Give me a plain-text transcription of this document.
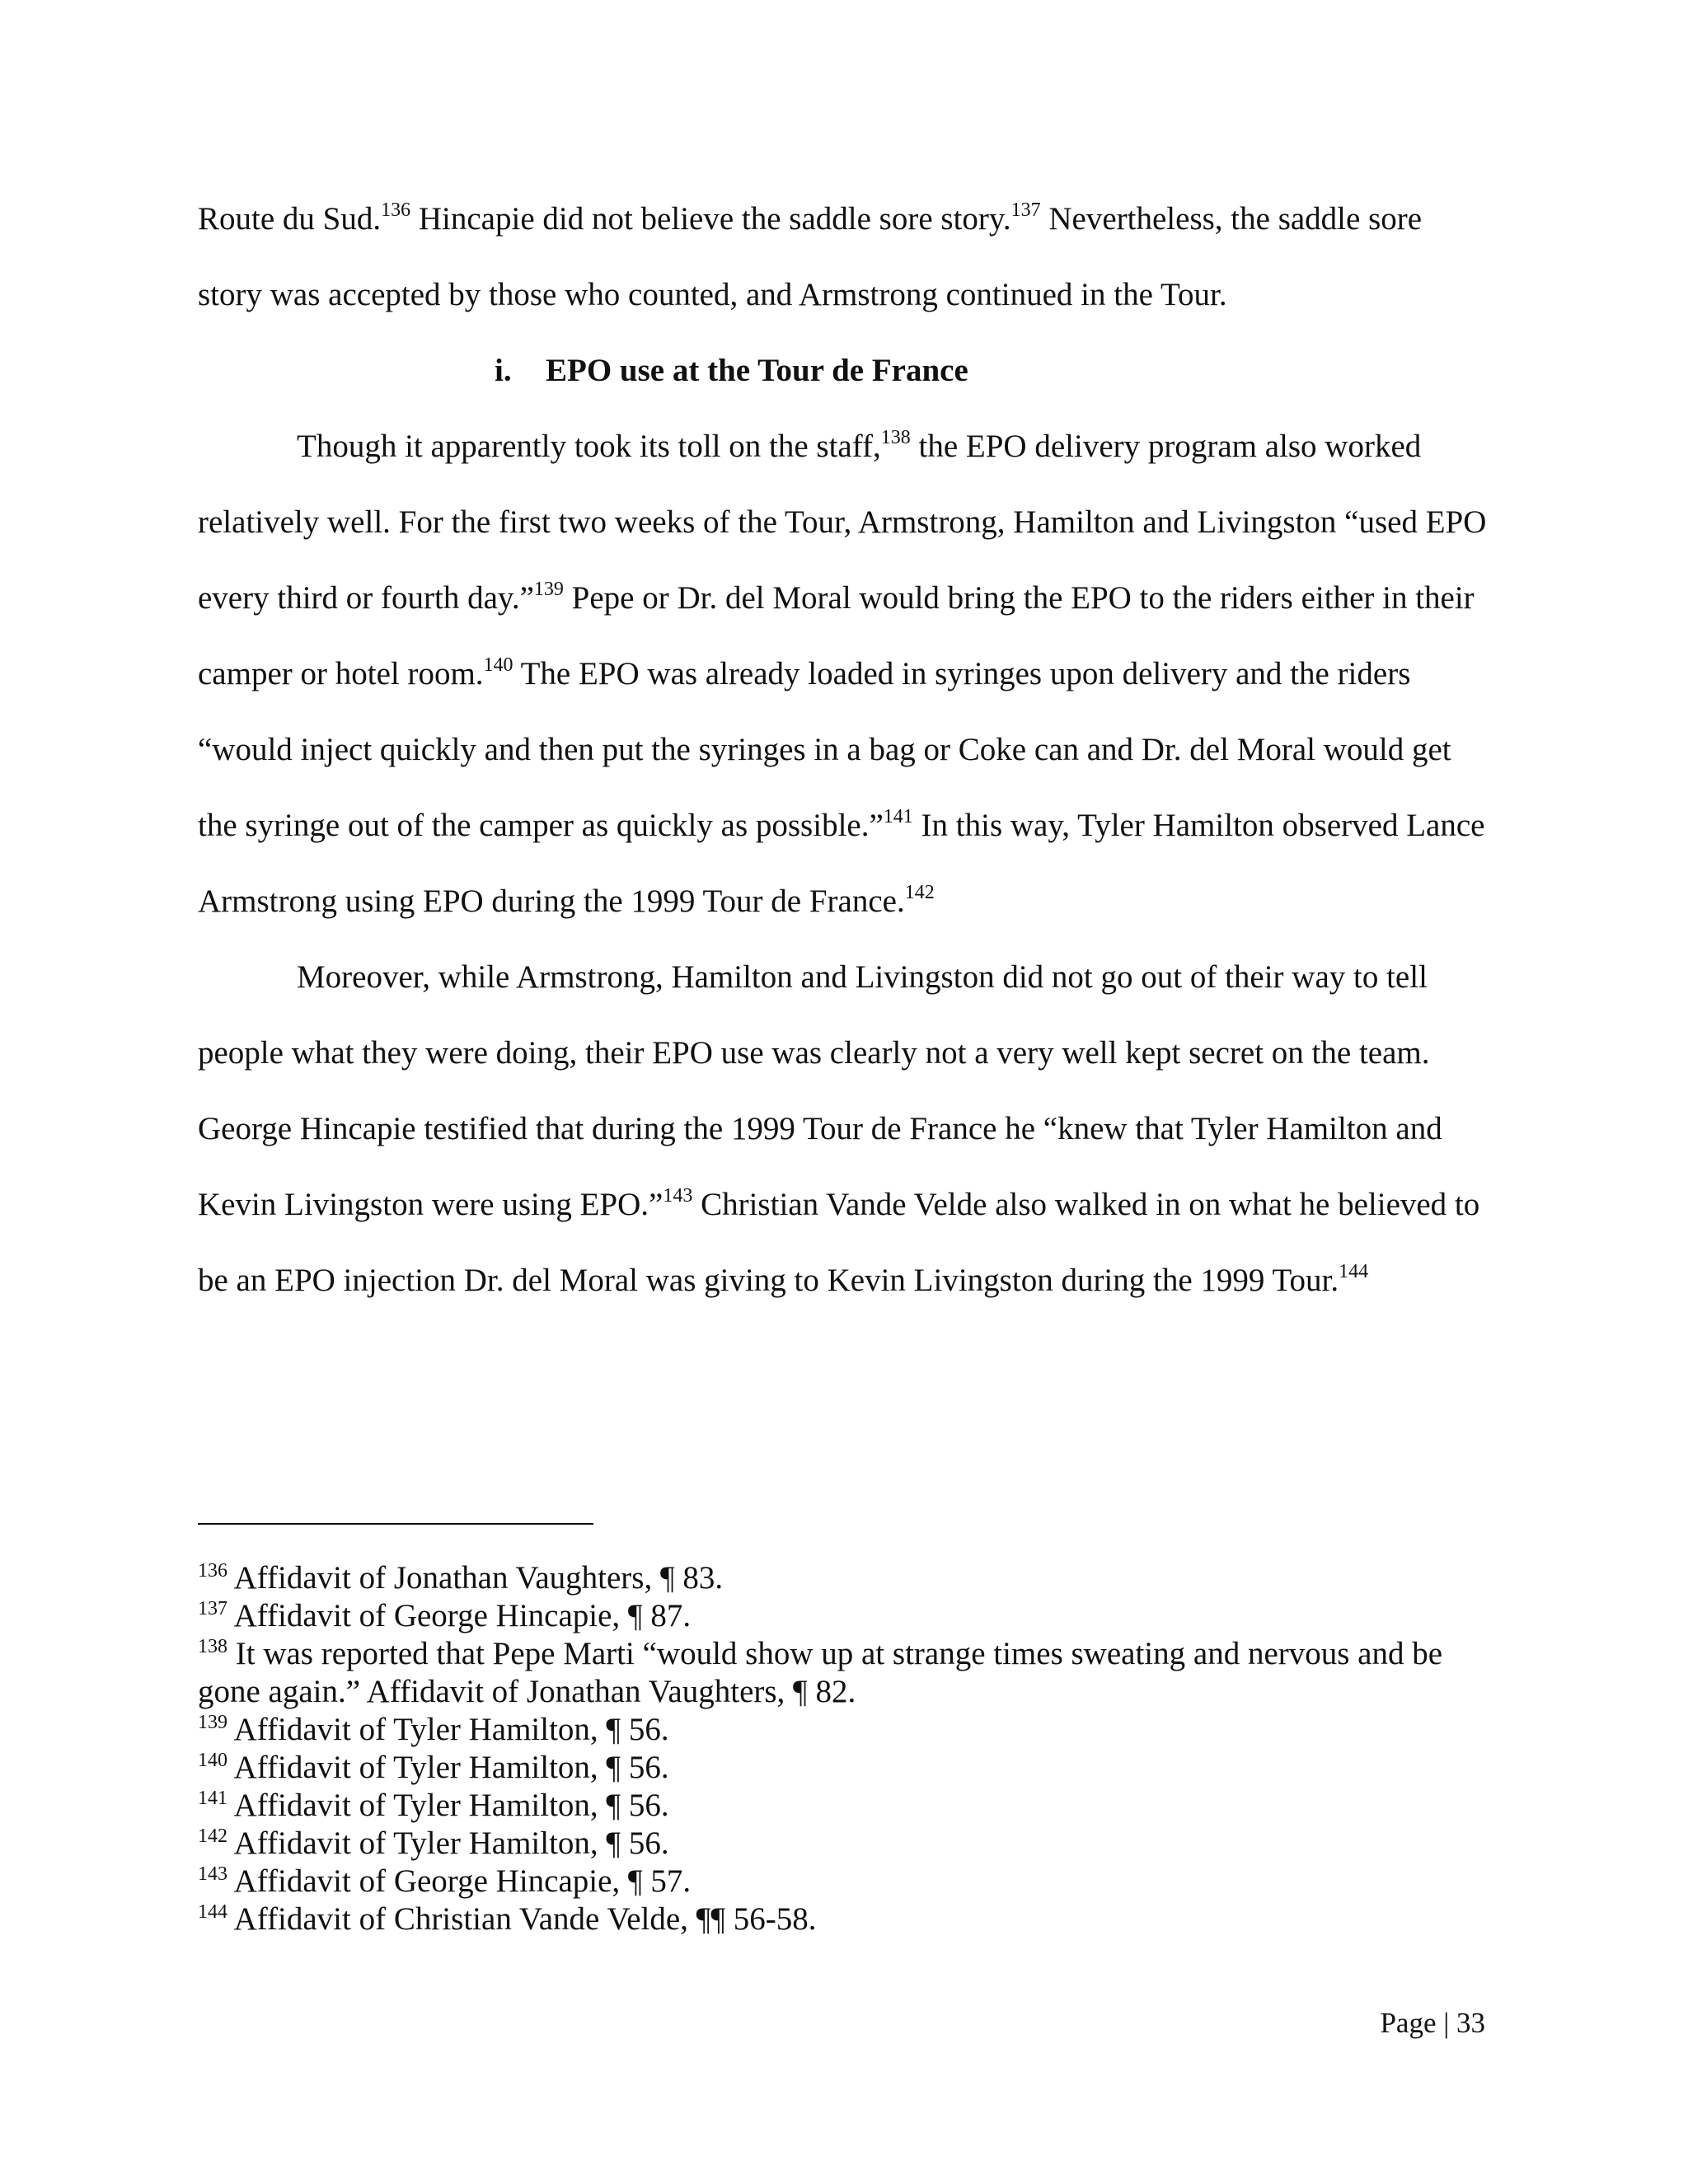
Route du Sud.$^{136}$ Hincapie did not believe the saddle sore story.$^{137}$ Nevertheless, the saddle sore story was accepted by those who counted, and Armstrong continued in the Tour.

i. EPO use at the Tour de France

Though it apparently took its toll on the staff,$^{138}$ the EPO delivery program also worked relatively well. For the first two weeks of the Tour, Armstrong, Hamilton and Livingston “used EPO every third or fourth day.”$^{139}$ Pepe or Dr. del Moral would bring the EPO to the riders either in their camper or hotel room.$^{140}$ The EPO was already loaded in syringes upon delivery and the riders “would inject quickly and then put the syringes in a bag or Coke can and Dr. del Moral would get the syringe out of the camper as quickly as possible.”$^{141}$ In this way, Tyler Hamilton observed Lance Armstrong using EPO during the 1999 Tour de France.$^{142}$

Moreover, while Armstrong, Hamilton and Livingston did not go out of their way to tell people what they were doing, their EPO use was clearly not a very well kept secret on the team. George Hincapie testified that during the 1999 Tour de France he “knew that Tyler Hamilton and Kevin Livingston were using EPO.”$^{143}$ Christian Vande Velde also walked in on what he believed to be an EPO injection Dr. del Moral was giving to Kevin Livingston during the 1999 Tour.$^{144}$

$^{136}$ Affidavit of Jonathan Vaughters, ¶ 83.
$^{137}$ Affidavit of George Hincapie, ¶ 87.
$^{138}$ It was reported that Pepe Marti “would show up at strange times sweating and nervous and be gone again.” Affidavit of Jonathan Vaughters, ¶ 82.
$^{139}$ Affidavit of Tyler Hamilton, ¶ 56.
$^{140}$ Affidavit of Tyler Hamilton, ¶ 56.
$^{141}$ Affidavit of Tyler Hamilton, ¶ 56.
$^{142}$ Affidavit of Tyler Hamilton, ¶ 56.
$^{143}$ Affidavit of George Hincapie, ¶ 57.
$^{144}$ Affidavit of Christian Vande Velde, ¶¶ 56-58.
Page | 33
